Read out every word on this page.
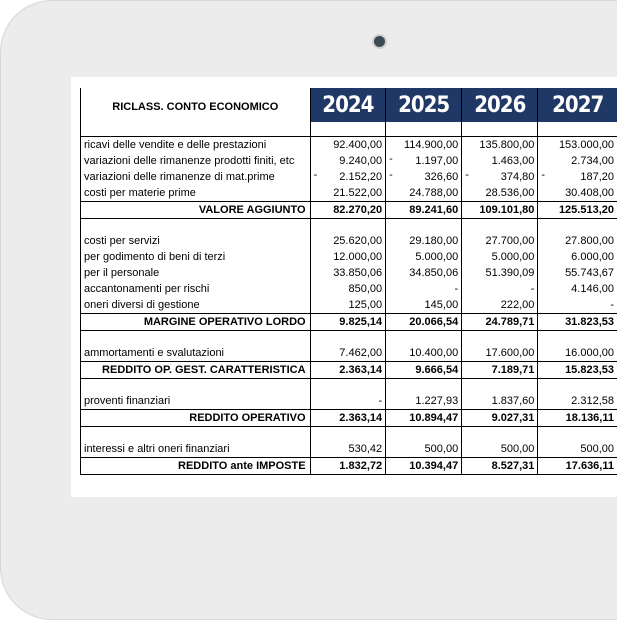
RICLASS. CONTO ECONOMICO	2024	2025	2026	2027

ricavi delle vendite e delle prestazioni	92.400,00	114.900,00	135.800,00	153.000,00
variazioni delle rimanenze prodotti finiti, etc	9.240,00	- 1.197,00	1.463,00	2.734,00
variazioni delle rimanenze di mat.prime	- 2.152,20	- 326,60	- 374,80	- 187,20
costi per materie prime	21.522,00	24.788,00	28.536,00	30.408,00
VALORE AGGIUNTO	82.270,20	89.241,60	109.101,80	125.513,20

costi per servizi	25.620,00	29.180,00	27.700,00	27.800,00
per godimento di beni di terzi	12.000,00	5.000,00	5.000,00	6.000,00
per il personale	33.850,06	34.850,06	51.390,09	55.743,67
accantonamenti per rischi	850,00	-	-	4.146,00
oneri diversi di gestione	125,00	145,00	222,00	-
MARGINE OPERATIVO LORDO	9.825,14	20.066,54	24.789,71	31.823,53

ammortamenti e svalutazioni	7.462,00	10.400,00	17.600,00	16.000,00
REDDITO OP. GEST. CARATTERISTICA	2.363,14	9.666,54	7.189,71	15.823,53

proventi finanziari	-	1.227,93	1.837,60	2.312,58
REDDITO OPERATIVO	2.363,14	10.894,47	9.027,31	18.136,11

interessi e altri oneri finanziari	530,42	500,00	500,00	500,00
REDDITO ante IMPOSTE	1.832,72	10.394,47	8.527,31	17.636,11
